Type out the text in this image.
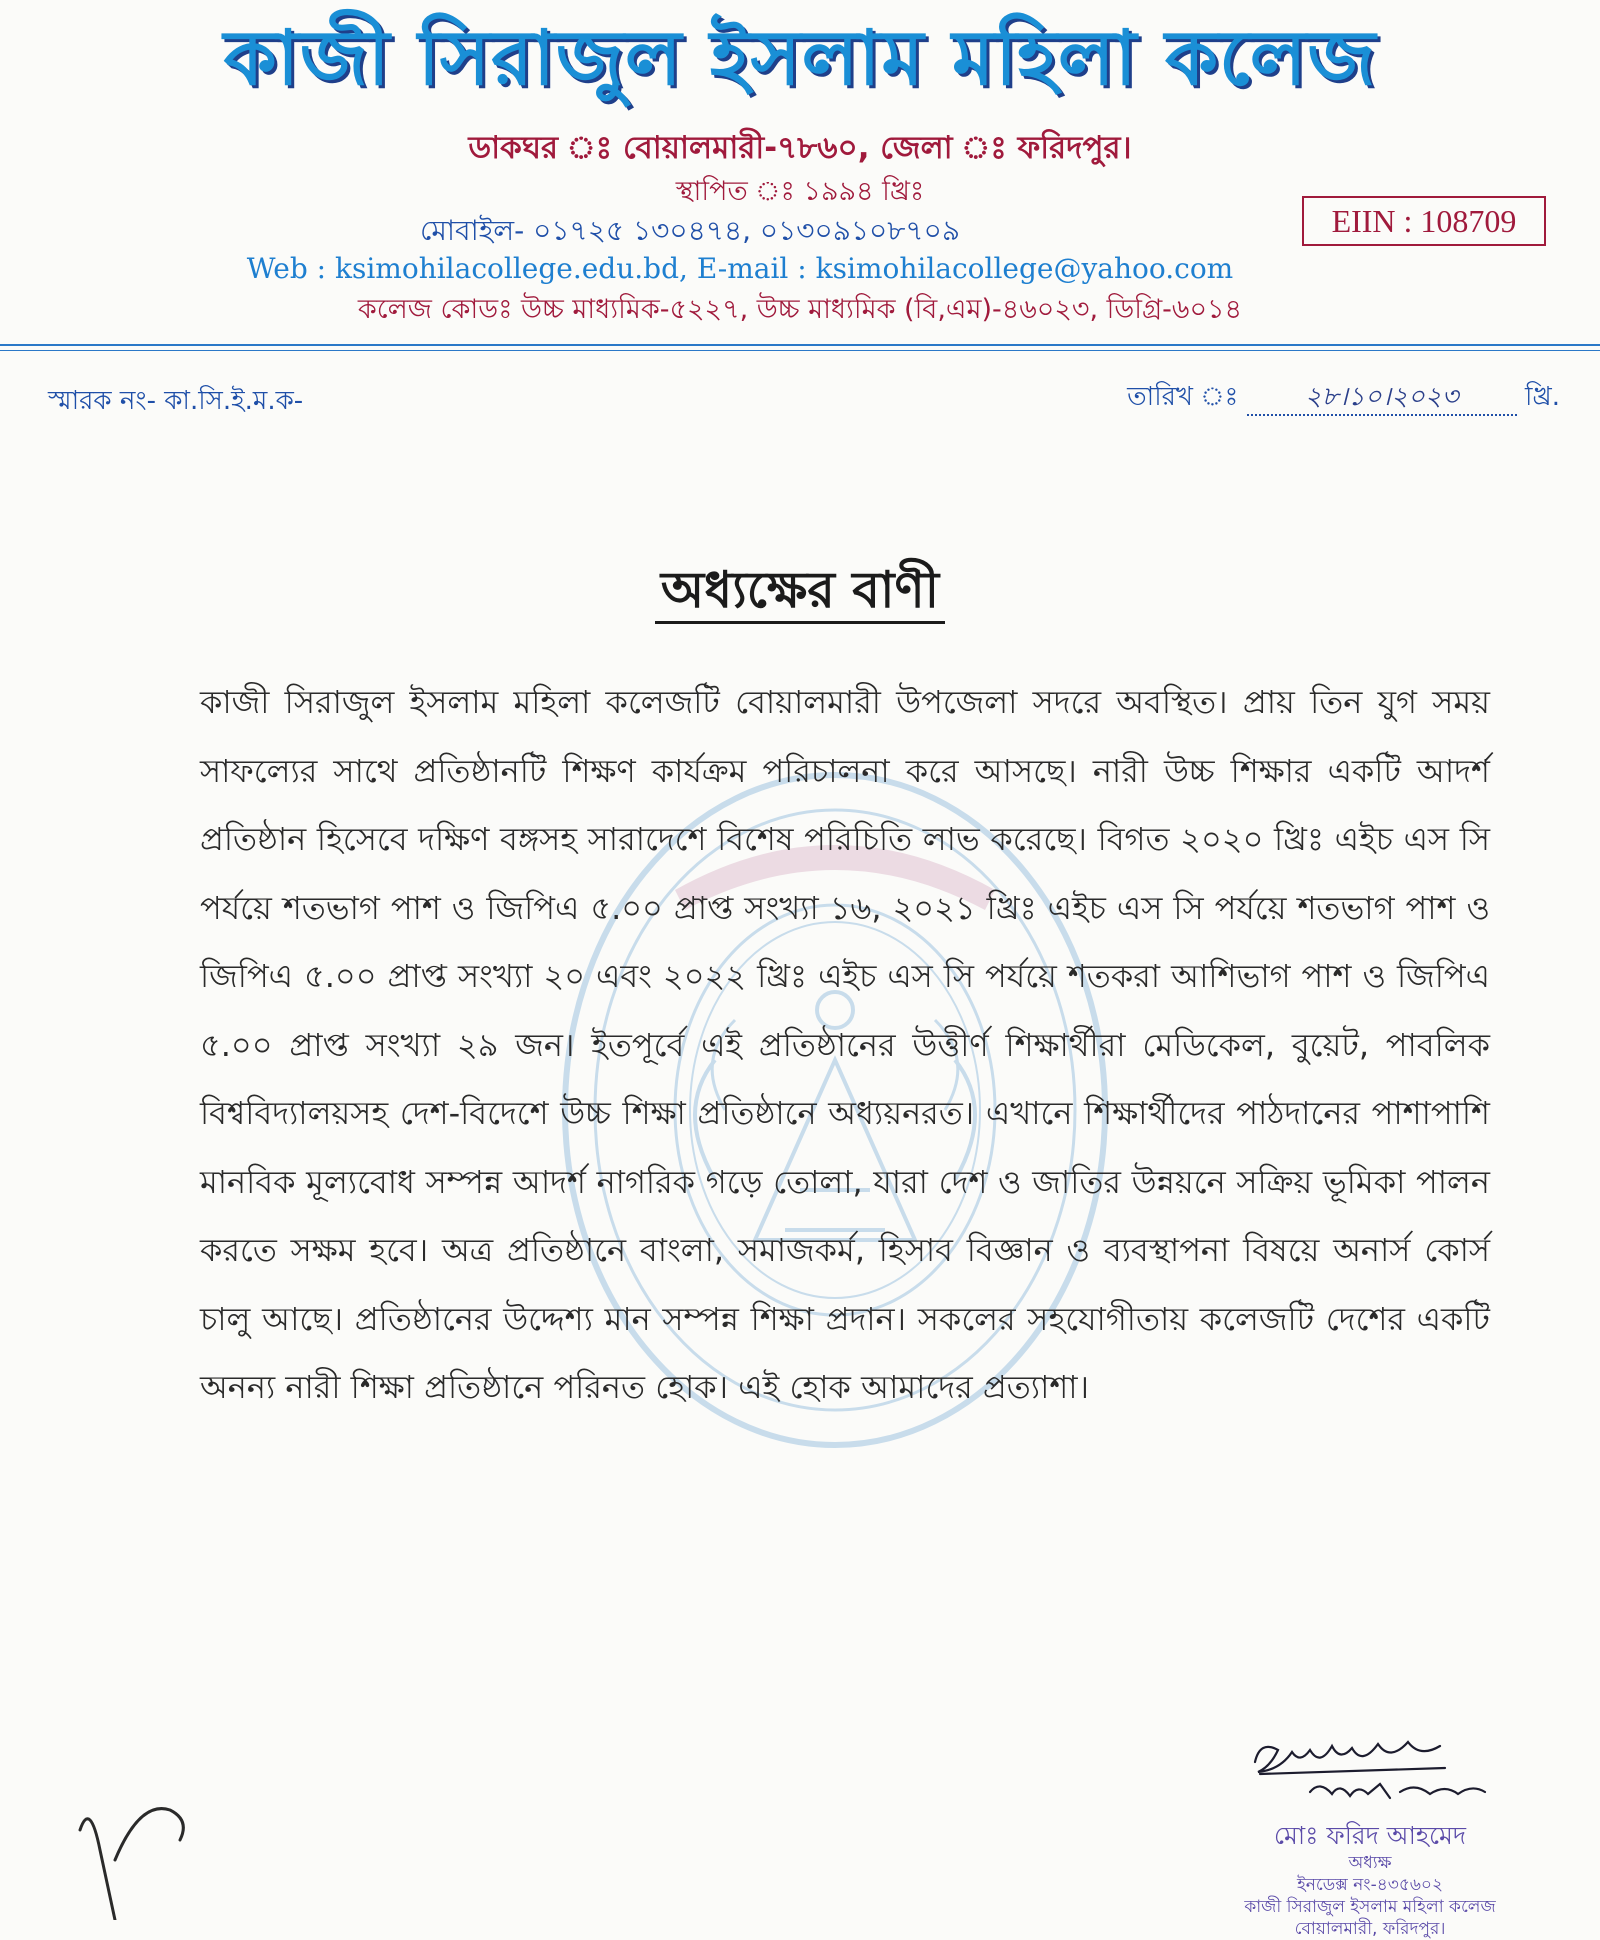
কাজী সিরাজুল ইসলাম মহিলা কলেজ
ডাকঘর ঃ বোয়ালমারী-৭৮৬০, জেলা ঃ ফরিদপুর।
স্থাপিত ঃ ১৯৯৪ খ্রিঃ
মোবাইল- ০১৭২৫ ১৩০৪৭৪, ০১৩০৯১০৮৭০৯
Web : ksimohilacollege.edu.bd, E-mail : ksimohilacollege@yahoo.com
কলেজ কোডঃ উচ্চ মাধ্যমিক-৫২২৭, উচ্চ মাধ্যমিক (বি,এম)-৪৬০২৩, ডিগ্রি-৬০১৪
EIIN : 108709
স্মারক নং- কা.সি.ই.ম.ক-	তারিখ ঃ	২৮।১০।২০২৩	খ্রি.
অধ্যক্ষের বাণী
কাজী সিরাজুল ইসলাম মহিলা কলেজটি বোয়ালমারী উপজেলা সদরে অবস্থিত। প্রায় তিন যুগ সময় সাফল্যের সাথে প্রতিষ্ঠানটি শিক্ষণ কার্যক্রম পরিচালনা করে আসছে। নারী উচ্চ শিক্ষার একটি আদর্শ প্রতিষ্ঠান হিসেবে দক্ষিণ বঙ্গসহ সারাদেশে বিশেষ পরিচিতি লাভ করেছে। বিগত ২০২০ খ্রিঃ এইচ এস সি পর্যয়ে শতভাগ পাশ ও জিপিএ ৫.০০ প্রাপ্ত সংখ্যা ১৬, ২০২১ খ্রিঃ এইচ এস সি পর্যয়ে শতভাগ পাশ ও জিপিএ ৫.০০ প্রাপ্ত সংখ্যা ২০ এবং ২০২২ খ্রিঃ এইচ এস সি পর্যয়ে শতকরা আশিভাগ পাশ ও জিপিএ ৫.০০ প্রাপ্ত সংখ্যা ২৯ জন। ইতপূর্বে এই প্রতিষ্ঠানের উত্তীর্ণ শিক্ষার্থীরা মেডিকেল, বুয়েট, পাবলিক বিশ্ববিদ্যালয়সহ দেশ-বিদেশে উচ্চ শিক্ষা প্রতিষ্ঠানে অধ্যয়নরত। এখানে শিক্ষার্থীদের পাঠদানের পাশাপাশি মানবিক মূল্যবোধ সম্পন্ন আদর্শ নাগরিক গড়ে তোলা, যারা দেশ ও জাতির উন্নয়নে সক্রিয় ভূমিকা পালন করতে সক্ষম হবে। অত্র প্রতিষ্ঠানে বাংলা, সমাজকর্ম, হিসাব বিজ্ঞান ও ব্যবস্থাপনা বিষয়ে অনার্স কোর্স চালু আছে। প্রতিষ্ঠানের উদ্দেশ্য মান সম্পন্ন শিক্ষা প্রদান। সকলের সহযোগীতায় কলেজটি দেশের একটি অনন্য নারী শিক্ষা প্রতিষ্ঠানে পরিনত হোক। এই হোক আমাদের প্রত্যাশা।
মোঃ ফরিদ আহমেদ
অধ্যক্ষ
ইনডেক্স নং-৪৩৫৬০২
কাজী সিরাজুল ইসলাম মহিলা কলেজ
বোয়ালমারী, ফরিদপুর।
